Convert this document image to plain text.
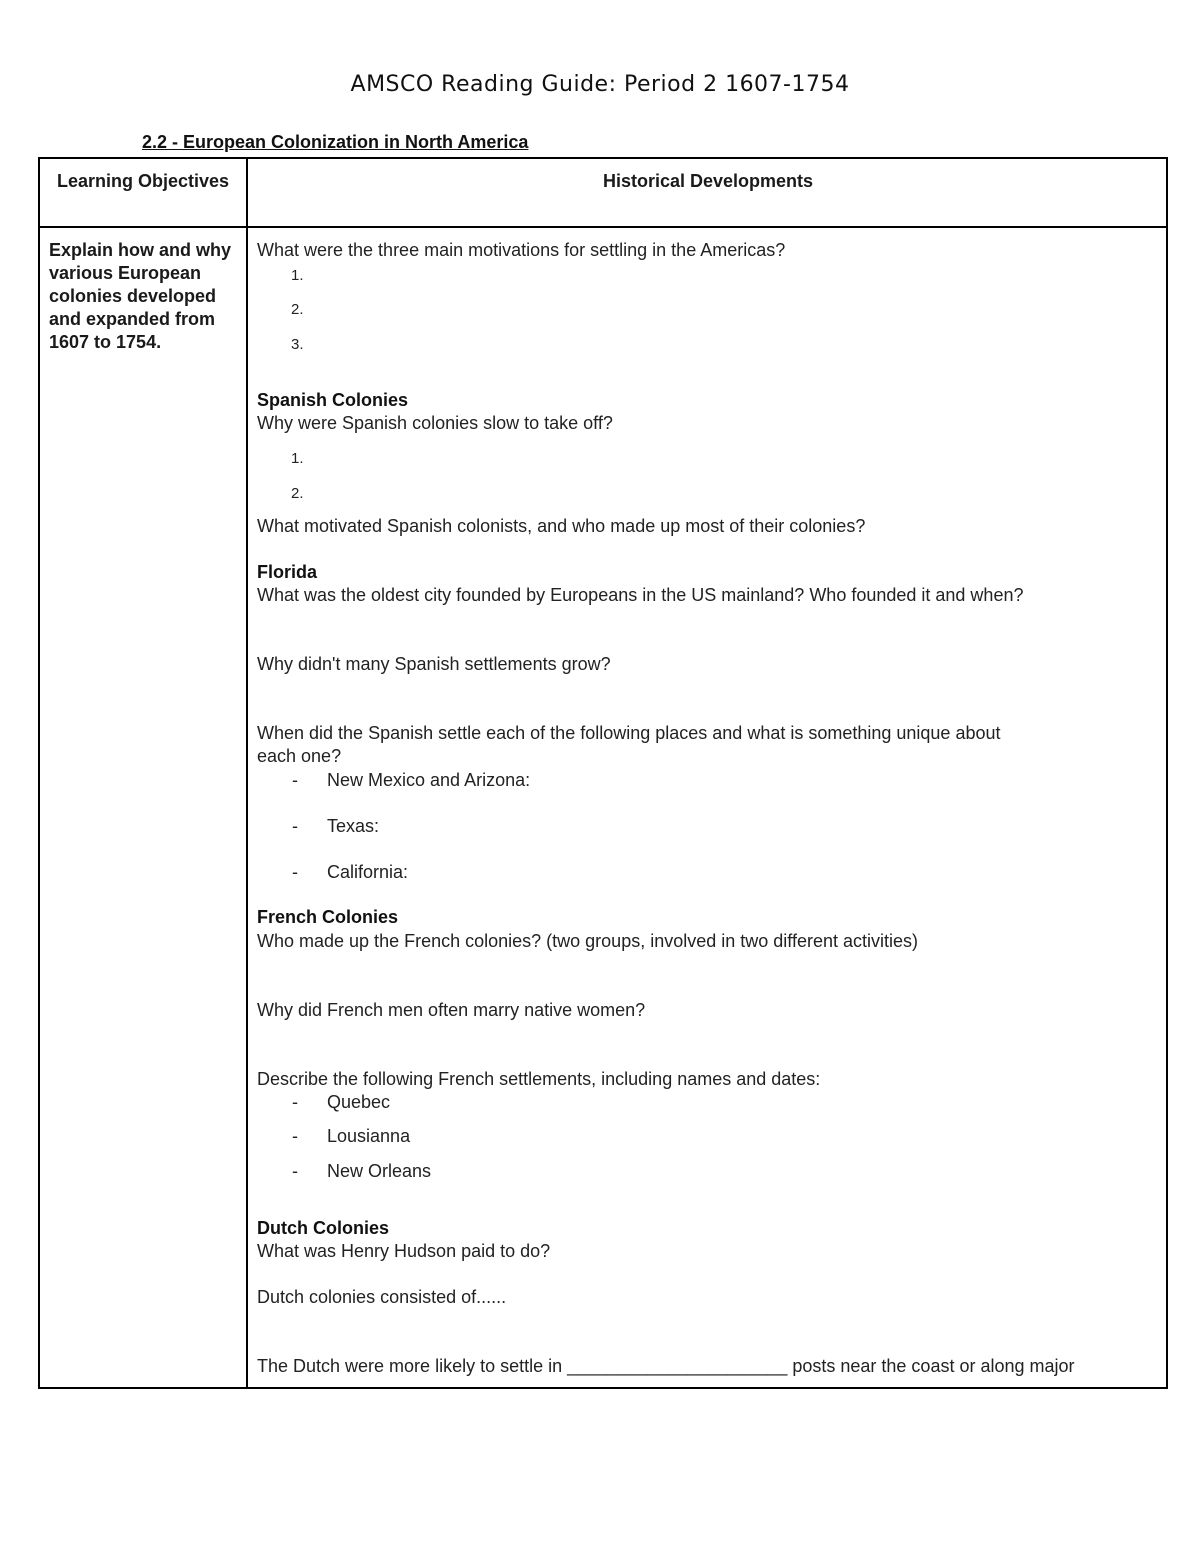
AMSCO Reading Guide: Period 2 1607-1754
2.2 - European Colonization in North America
Learning Objectives	Historical Developments
Explain how and why various European colonies developed and expanded from 1607 to 1754.
What were the three main motivations for settling in the Americas?
1.
2.
3.
Spanish Colonies
Why were Spanish colonies slow to take off?
1.
2.
What motivated Spanish colonists, and who made up most of their colonies?
Florida
What was the oldest city founded by Europeans in the US mainland? Who founded it and when?
Why didn't many Spanish settlements grow?
When did the Spanish settle each of the following places and what is something unique about
each one?
- New Mexico and Arizona:
- Texas:
- California:
French Colonies
Who made up the French colonies? (two groups, involved in two different activities)
Why did French men often marry native women?
Describe the following French settlements, including names and dates:
- Quebec
- Lousianna
- New Orleans
Dutch Colonies
What was Henry Hudson paid to do?
Dutch colonies consisted of......
The Dutch were more likely to settle in ______________________ posts near the coast or along major
